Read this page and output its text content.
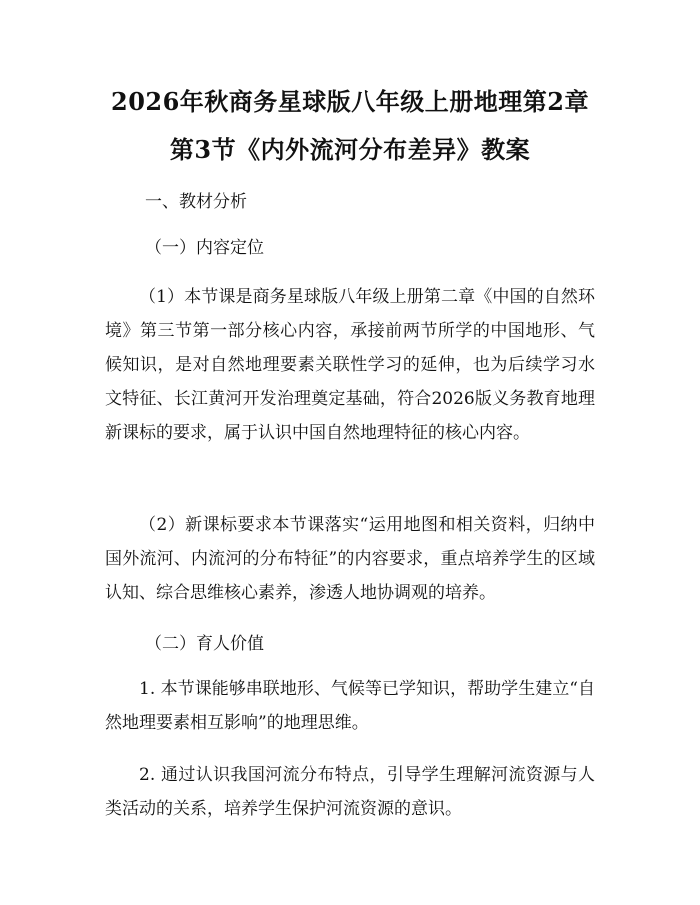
2026年秋商务星球版八年级上册地理第2章
第3节《内外流河分布差异》教案
一、教材分析
（一）内容定位
（1）本节课是商务星球版八年级上册第二章《中国的自然环境》第三节第一部分核心内容，承接前两节所学的中国地形、气候知识，是对自然地理要素关联性学习的延伸，也为后续学习水文特征、长江黄河开发治理奠定基础，符合2026版义务教育地理新课标的要求，属于认识中国自然地理特征的核心内容。
（2）新课标要求本节课落实“运用地图和相关资料，归纳中国外流河、内流河的分布特征”的内容要求，重点培养学生的区域认知、综合思维核心素养，渗透人地协调观的培养。
（二）育人价值
1. 本节课能够串联地形、气候等已学知识，帮助学生建立“自然地理要素相互影响”的地理思维。
2. 通过认识我国河流分布特点，引导学生理解河流资源与人类活动的关系，培养学生保护河流资源的意识。
